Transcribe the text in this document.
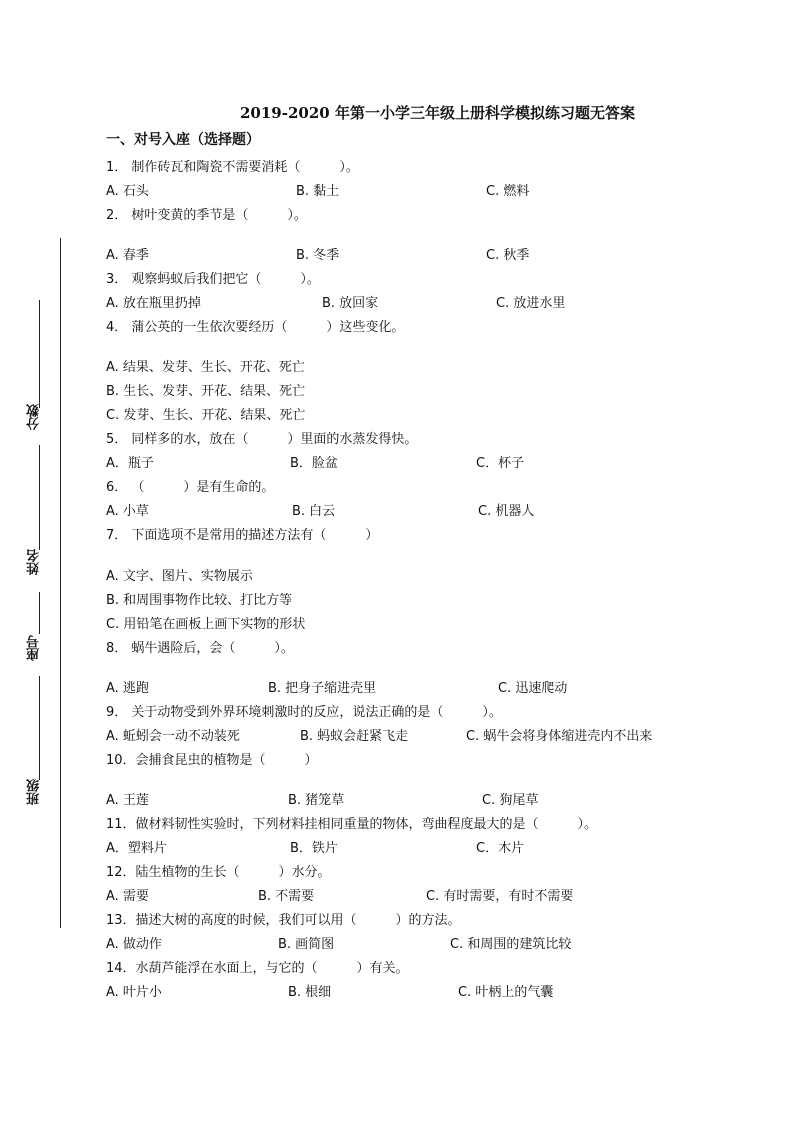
2019-2020 年第一小学三年级上册科学模拟练习题无答案
一、对号入座（选择题）
分数
姓名
座号
班级
1． 制作砖瓦和陶瓷不需要消耗（　　　）。
A. 石头	B. 黏土	C. 燃料
2． 树叶变黄的季节是（　　　）。
A. 春季	B. 冬季	C. 秋季
3． 观察蚂蚁后我们把它（　　　）。
A. 放在瓶里扔掉	B. 放回家	C. 放进水里
4． 蒲公英的一生依次要经历（　　　）这些变化。
A. 结果、发芽、生长、开花、死亡
B. 生长、发芽、开花、结果、死亡
C. 发芽、生长、开花、结果、死亡
5． 同样多的水，放在（　　　）里面的水蒸发得快。
A．瓶子	B．脸盆	C．杯子
6． （　　　）是有生命的。
A. 小草	B. 白云	C. 机器人
7． 下面选项不是常用的描述方法有（　　　）
A. 文字、图片、实物展示
B. 和周围事物作比较、打比方等
C. 用铅笔在画板上画下实物的形状
8． 蜗牛遇险后，会（　　　）。
A. 逃跑	B. 把身子缩进壳里	C. 迅速爬动
9． 关于动物受到外界环境刺激时的反应，说法正确的是（　　　）。
A. 蚯蚓会一动不动装死	B. 蚂蚁会赶紧飞走	C. 蜗牛会将身体缩进壳内不出来
10．会捕食昆虫的植物是（　　　）
A. 王莲	B. 猪笼草	C. 狗尾草
11．做材料韧性实验时，下列材料挂相同重量的物体，弯曲程度最大的是（　　　）。
A．塑料片	B．铁片	C．木片
12．陆生植物的生长（　　　）水分。
A. 需要	B. 不需要	C. 有时需要，有时不需要
13．描述大树的高度的时候，我们可以用（　　　）的方法。
A. 做动作	B. 画简图	C. 和周围的建筑比较
14．水葫芦能浮在水面上，与它的（　　　）有关。
A. 叶片小	B. 根细	C. 叶柄上的气囊
